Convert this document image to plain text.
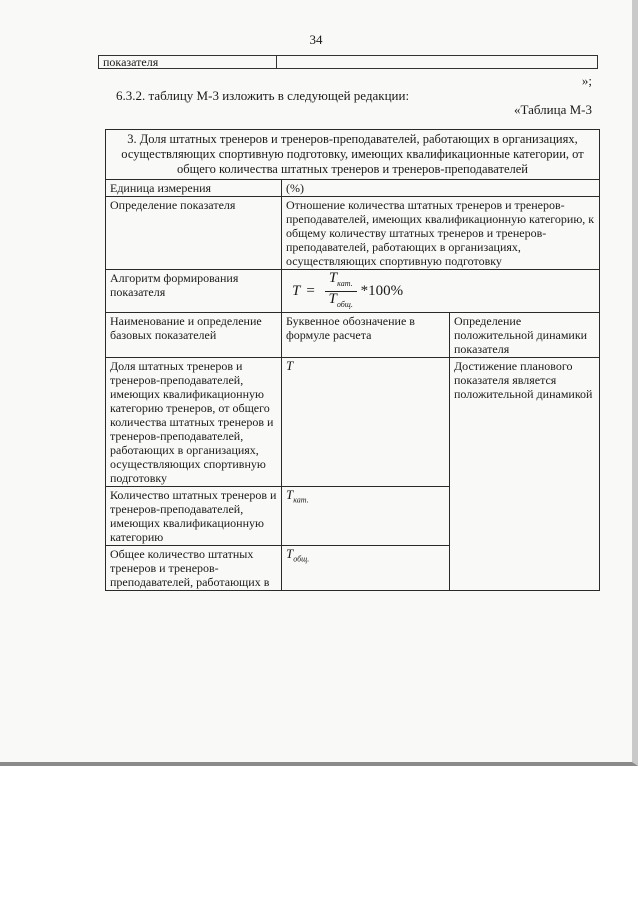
34
показателя
»;
6.3.2. таблицу М-3 изложить в следующей редакции:
«Таблица М-3
3. Доля штатных тренеров и тренеров-преподавателей, работающих в организациях, осуществляющих спортивную подготовку, имеющих квалификационные категории, от общего количества штатных тренеров и тренеров-преподавателей		
Единица измерения	(%)	
Определение показателя	Отношение количества штатных тренеров и тренеров-преподавателей, имеющих квалификационную категорию, к общему количеству штатных тренеров и тренеров-преподавателей, работающих в организациях, осуществляющих спортивную подготовку	
Алгоритм формирования показателя	$T = \frac{T_{кат.}}{T_{общ.}} *100\%$	

Наименование и определение базовых показателей	Буквенное обозначение в формуле расчета	Определение положительной динамики показателя
Доля штатных тренеров и тренеров-преподавателей, имеющих квалификационную категорию тренеров, от общего количества штатных тренеров и тренеров-преподавателей, работающих в организациях, осуществляющих спортивную подготовку	T	Достижение планового показателя является положительной динамикой
Количество штатных тренеров и тренеров-преподавателей, имеющих квалификационную категорию	$T_{кат.}$
Общее количество штатных тренеров и тренеров-преподавателей, работающих в	$T_{общ.}$
